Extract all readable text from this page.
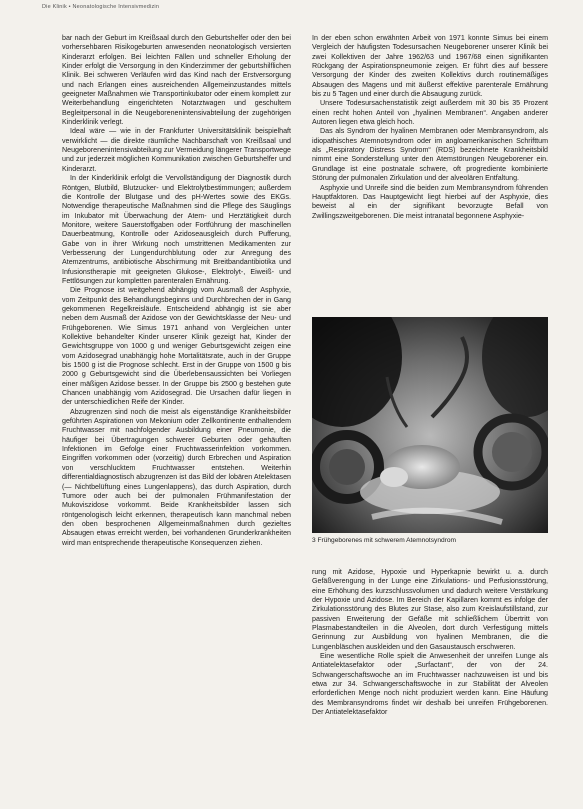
Die Klinik • Neonatologische Intensivmedizin

bar nach der Geburt im Kreißsaal durch den Geburtshelfer oder den bei vorhersehbaren Risikogeburten anwesenden neonatologisch versierten Kinderarzt erfolgen. Bei leichten Fällen und schneller Erholung der Kinder erfolgt die Versorgung in den Kinderzimmer der geburtshilflichen Klinik. Bei schweren Verläufen wird das Kind nach der Erstversorgung und nach Erlangen eines ausreichenden Allgemeinzustandes mittels geeigneter Maßnahmen wie Transportinkubator oder einem komplett zur Weiterbehandlung eingerichteten Notarztwagen und geschultem Begleitpersonal in die Neugeborenenintensivabteilung der zugehörigen Kinderklinik verlegt.

Ideal wäre — wie in der Frankfurter Universitätsklinik beispielhaft verwirklicht — die direkte räumliche Nachbarschaft von Kreißsaal und Neugeborenenintensivabteilung zur Vermeidung längerer Transportwege und zur jederzeit möglichen Kommunikation zwischen Geburtshelfer und Kinderarzt.

In der Kinderklinik erfolgt die Vervollständigung der Diagnostik durch Röntgen, Blutbild, Blutzucker- und Elektrolytbestimmungen; außerdem die Kontrolle der Blutgase und des pH-Wertes sowie des EKGs. Notwendige therapeutische Maßnahmen sind die Pflege des Säuglings im Inkubator mit Überwachung der Atem- und Herztätigkeit durch Monitore, weitere Sauerstoffgaben oder Fortführung der maschinellen Dauerbeatmung, Kontrolle oder Azidoseausgleich durch Pufferung, Gabe von in ihrer Wirkung noch umstrittenen Medikamenten zur Verbesserung der Lungendurchblutung oder zur Anregung des Atemzentrums, antibiotische Abschirmung mit Breitbandantibiotika und Infusionstherapie mit geeigneten Glukose-, Elektrolyt-, Eiweiß- und Fettlösungen zur kompletten parenteralen Ernährung.

Die Prognose ist weitgehend abhängig vom Ausmaß der Asphyxie, vom Zeitpunkt des Behandlungsbeginns und Durchbrechen der in Gang gekommenen Regelkreisläufe. Entscheidend abhängig ist sie aber neben dem Ausmaß der Azidose von der Gewichtsklasse der Neu- und Frühgeborenen. Wie Simus 1971 anhand von Vergleichen unter Kollektive behandelter Kinder unserer Klinik gezeigt hat, Kinder der Gewichtsgruppe von 1000 g und weniger Geburtsgewicht zeigen eine vom Azidosegrad unabhängig hohe Mortalitätsrate, auch in der Gruppe bis 1500 g ist die Prognose schlecht. Erst in der Gruppe von 1500 g bis 2000 g Geburtsgewicht sind die Überlebensaussichten bei Vorliegen einer mäßigen Azidose besser. In der Gruppe bis 2500 g bestehen gute Chancen unabhängig vom Azidosegrad. Die Ursachen dafür liegen in der unterschiedlichen Reife der Kinder.

Abzugrenzen sind noch die meist als eigenständige Krankheitsbilder geführten Aspirationen von Mekonium oder Zellkontinente enthaltendem Fruchtwasser mit nachfolgender Ausbildung einer Pneumonie, die häufiger bei Übertragungen schwerer Geburten oder gehäuften Infektionen im Gefolge einer Fruchtwasserinfektion vorkommen. Eingriffen vorkommen oder (vorzeitig) durch Erbrechen und Aspiration von verschlucktem Fruchtwasser entstehen. Weiterhin differentialdiagnostisch abzugrenzen ist das Bild der lobären Atelektasen (— Nichtbelüftung eines Lungenlappens), das durch Aspiration, durch Tumore oder auch bei der pulmonalen Frühmanifestation der Mukoviszidose vorkommt. Beide Krankheitsbilder lassen sich röntgenologisch leicht erkennen, therapeutisch kann manchmal neben den oben besprochenen Allgemeinmaßnahmen durch gezieltes Absaugen etwas erreicht werden, bei vorhandenen Grunderkrankheiten wird man entsprechende therapeutische Konsequenzen ziehen.

In der eben schon erwähnten Arbeit von 1971 konnte Simus bei einem Vergleich der häufigsten Todesursachen Neugeborener unserer Klinik bei zwei Kollektiven der Jahre 1962/63 und 1967/68 einen signifikanten Rückgang der Aspirationspneumonie zeigen. Er führt dies auf bessere Versorgung der Kinder des zweiten Kollektivs durch routinemäßiges Absaugen des Magens und mit äußerst effektive parenterale Ernährung bis zu 5 Tagen und einer durch die Absaugung zurück.

Unsere Todesursachenstatistik zeigt außerdem mit 30 bis 35 Prozent einen recht hohen Anteil von „hyalinen Membranen“. Angaben anderer Autoren liegen etwa gleich hoch.

Das als Syndrom der hyalinen Membranen oder Membransyndrom, als idiopathisches Atemnotsyndrom oder im angloamerikanischen Schrifttum als „Respiratory Distress Syndrom“ (RDS) bezeichnete Krankheitsbild nimmt eine Sonderstellung unter den Atemstörungen Neugeborener ein. Grundlage ist eine postnatale schwere, oft progrediente kombinierte Störung der pulmonalen Zirkulation und der alveolären Entfaltung.

Asphyxie und Unreife sind die beiden zum Membransyndrom führenden Hauptfaktoren. Das Hauptgewicht liegt hierbei auf der Asphyxie, dies beweist al ein der signifikant bevorzugte Befall von Zwillingszweitgeborenen. Die meist intranatal begonnene Asphyxie-

3 Frühgeborenes mit schwerem Atemnotsyndrom

rung mit Azidose, Hypoxie und Hyperkapnie bewirkt u. a. durch Gefäßverengung in der Lunge eine Zirkulations- und Perfusionsstörung, eine Erhöhung des kurzschlussvolumen und dadurch weitere Verstärkung der Hypoxie und Azidose. Im Bereich der Kapillaren kommt es infolge der Zirkulationsstörung des Blutes zur Stase, also zum Kreislaufstillstand, zur passiven Erweiterung der Gefäße mit schließlichem Übertritt von Plasmabestandteilen in die Alveolen, dort durch Verfestigung mittels Gerinnung zur Ausbildung von hyalinen Membranen, die die Lungenbläschen auskleiden und den Gasaustausch erschweren.

Eine wesentliche Rolle spielt die Anwesenheit der unreifen Lunge als Antiatelektasefaktor oder „Surfactant“, der von der 24. Schwangerschaftswoche an im Fruchtwasser nachzuweisen ist und bis etwa zur 34. Schwangerschaftswoche in zur Stabilität der Alveolen erforderlichen Menge noch nicht produziert werden kann. Eine Häufung des Membransyndroms findet wir deshalb bei unreifen Frühgeborenen. Der Antiatelektasefaktor
